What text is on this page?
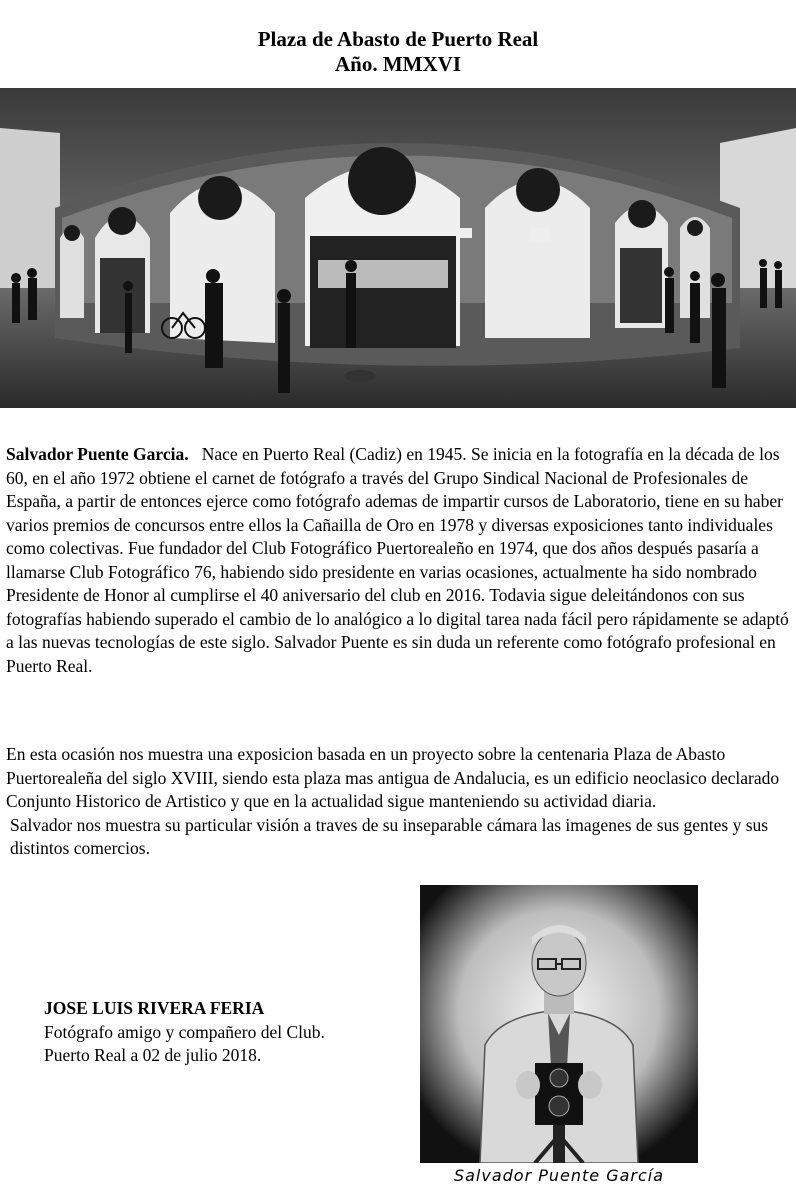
Plaza de Abasto de Puerto Real
Año. MMXVI
Salvador Puente Garcia. Nace en Puerto Real (Cadiz) en 1945. Se inicia en la fotografía en la década de los 60, en el año 1972 obtiene el carnet de fotógrafo a través del Grupo Sindical Nacional de Profesionales de España, a partir de entonces ejerce como fotógrafo ademas de impartir cursos de Laboratorio, tiene en su haber varios premios de concursos entre ellos la Cañailla de Oro en 1978 y diversas exposiciones tanto individuales como colectivas. Fue fundador del Club Fotográfico Puertorealeño en 1974, que dos años después pasaría a llamarse Club Fotográfico 76, habiendo sido presidente en varias ocasiones, actualmente ha sido nombrado Presidente de Honor al cumplirse el 40 aniversario del club en 2016. Todavia sigue deleitándonos con sus fotografías habiendo superado el cambio de lo analógico a lo digital tarea nada fácil pero rápidamente se adaptó a las nuevas tecnologías de este siglo. Salvador Puente es sin duda un referente como fotógrafo profesional en Puerto Real.
En esta ocasión nos muestra una exposicion basada en un proyecto sobre la centenaria Plaza de Abasto Puertorealeña del siglo XVIII, siendo esta plaza mas antigua de Andalucia, es un edificio neoclasico declarado Conjunto Historico de Artistico y que en la actualidad sigue manteniendo su actividad diaria.
Salvador nos muestra su particular visión a traves de su inseparable cámara las imagenes de sus gentes y sus distintos comercios.
JOSE LUIS RIVERA FERIA
Fotógrafo amigo y compañero del Club.
Puerto Real a 02 de julio 2018.
Salvador Puente García
